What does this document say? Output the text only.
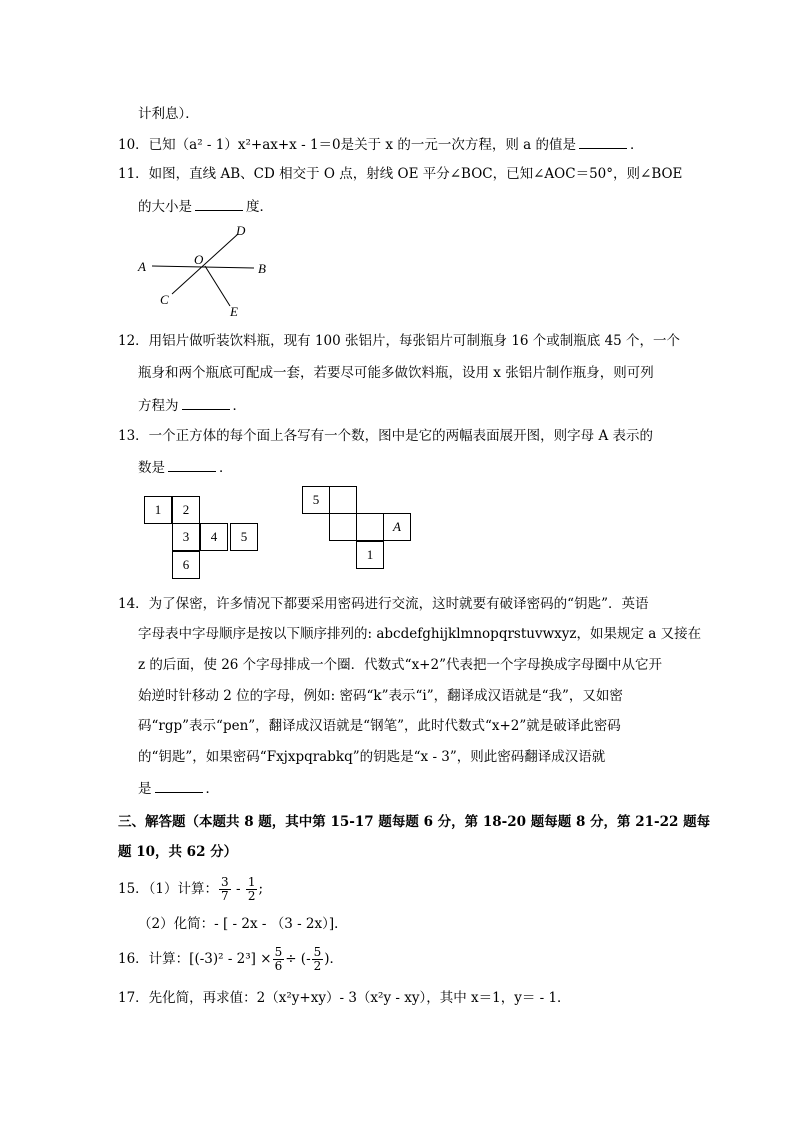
计利息）．
10．已知（a² - 1）x²+ax+x - 1＝0是关于 x 的一元一次方程，则 a 的值是	．
11．如图，直线 AB、CD 相交于 O 点，射线 OE 平分∠BOC，已知∠AOC＝50°，则∠BOE
的大小是	度．
A	B
C
D
E
O
12．用铝片做听装饮料瓶，现有 100 张铝片，每张铝片可制瓶身 16 个或制瓶底 45 个，一个
瓶身和两个瓶底可配成一套，若要尽可能多做饮料瓶，设用 x 张铝片制作瓶身，则可列
方程为	．
13．一个正方体的每个面上各写有一个数，图中是它的两幅表面展开图，则字母 A 表示的
数是	．
1	2
3	4	5
6
5
A
1
14．为了保密，许多情况下都要采用密码进行交流，这时就要有破译密码的“钥匙”．英语
字母表中字母顺序是按以下顺序排列的: abcdefghijklmnopqrstuvwxyz，如果规定 a 又接在
z 的后面，使 26 个字母排成一个圈．代数式“x+2”代表把一个字母换成字母圈中从它开
始逆时针移动 2 位的字母，例如: 密码“k”表示“i”，翻译成汉语就是“我”，又如密
码“rgp”表示“pen”，翻译成汉语就是“钢笔”，此时代数式“x+2”就是破译此密码
的“钥匙”，如果密码“Fxjxpqrabkq”的钥匙是“x - 3”，则此密码翻译成汉语就
是	．
三、解答题（本题共 8 题，其中第 15-17 题每题 6 分，第 18-20 题每题 8 分，第 21-22 题每
题 10，共 62 分）
15．（1）计算： $\frac{3}{7} - \frac{1}{2}$ ;
（2）化简：- [ - 2x - （3 - 2x）]．
16．计算：$[(-3)^2 - 2^3] \times \frac{5}{6}$ ÷ (- $\frac{5}{2}$ )．
17．先化简，再求值：2（x²y+xy）- 3（x²y - xy），其中 x＝1，y＝ - 1．
